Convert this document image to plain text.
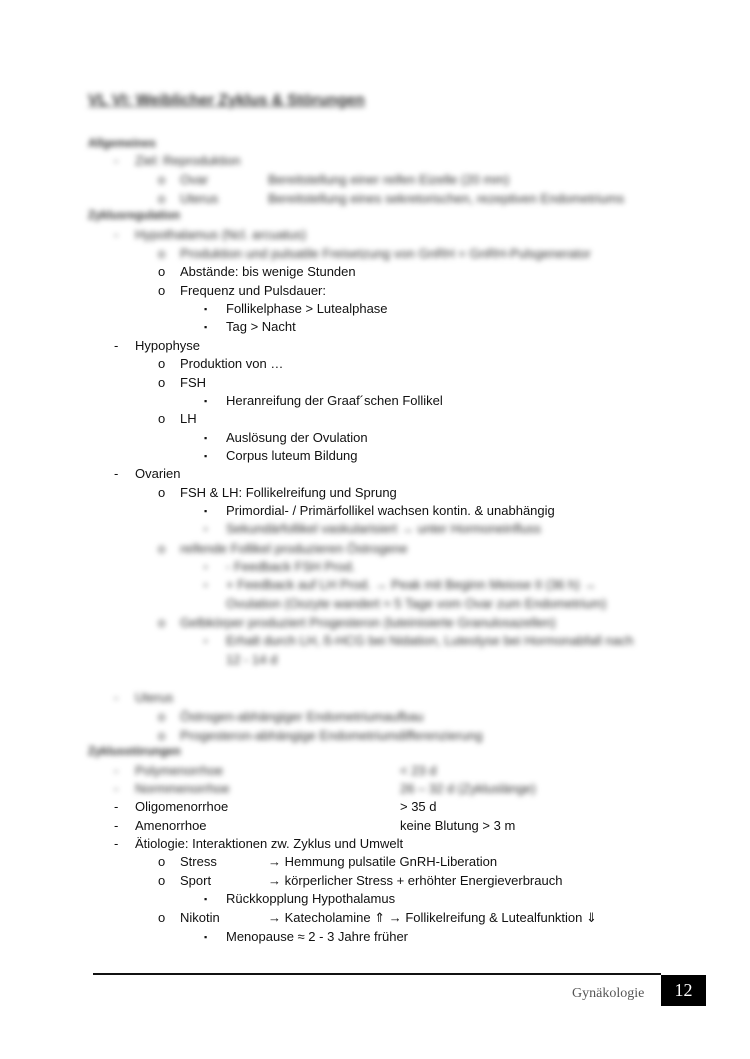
VL VI: Weiblicher Zyklus & Störungen
Allgemeines
- Ziel: Reproduktion
o Ovar	Bereitstellung einer reifen Eizelle (20 mm)
o Uterus	Bereitstellung eines sekretorischen, rezeptiven Endometriums
Zyklusregulation
- Hypothalamus (Ncl. arcuatus)
o Produktion und pulsatile Freisetzung von GnRH = GnRH-Pulsgenerator
o Abstände: bis wenige Stunden
o Frequenz und Pulsdauer:
▪ Follikelphase > Lutealphase
▪ Tag > Nacht
- Hypophyse
o Produktion von …
o FSH
▪ Heranreifung der Graaf´schen Follikel
o LH
▪ Auslösung der Ovulation
▪ Corpus luteum Bildung
- Ovarien
o FSH & LH: Follikelreifung und Sprung
▪ Primordial- / Primärfollikel wachsen kontin. & unabhängig
▪ Sekundärfollikel vaskularisiert → unter Hormoneinfluss
o reifende Follikel produzieren Östrogene
▪ - Feedback FSH Prod.
▪ + Feedback auf LH Prod. → Peak mit Beginn Meiose II (36 h) →
Ovulation (Oozyte wandert ≈ 5 Tage vom Ovar zum Endometrium)
o Gelbkörper produziert Progesteron (luteinisierte Granulosazellen)
▪ Erhalt durch LH, ß-HCG bei Nidation, Luteolyse bei Hormonabfall nach
12 - 14 d
- Uterus
o Östrogen-abhängiger Endometriumaufbau
o Progesteron-abhängige Endometriumdifferenzierung
Zyklusstörungen
- Polymenorrhoe	< 23 d
- Normmenorrhoe	26 – 32 d (Zykluslänge)
- Oligomenorrhoe	> 35 d
- Amenorrhoe	keine Blutung > 3 m
- Ätiologie: Interaktionen zw. Zyklus und Umwelt
o Stress	→ Hemmung pulsatile GnRH-Liberation
o Sport	→ körperlicher Stress + erhöhter Energieverbrauch
▪ Rückkopplung Hypothalamus
o Nikotin	→ Katecholamine ⇑ → Follikelreifung & Lutealfunktion ⇓
▪ Menopause ≈ 2 - 3 Jahre früher
Gynäkologie	12
